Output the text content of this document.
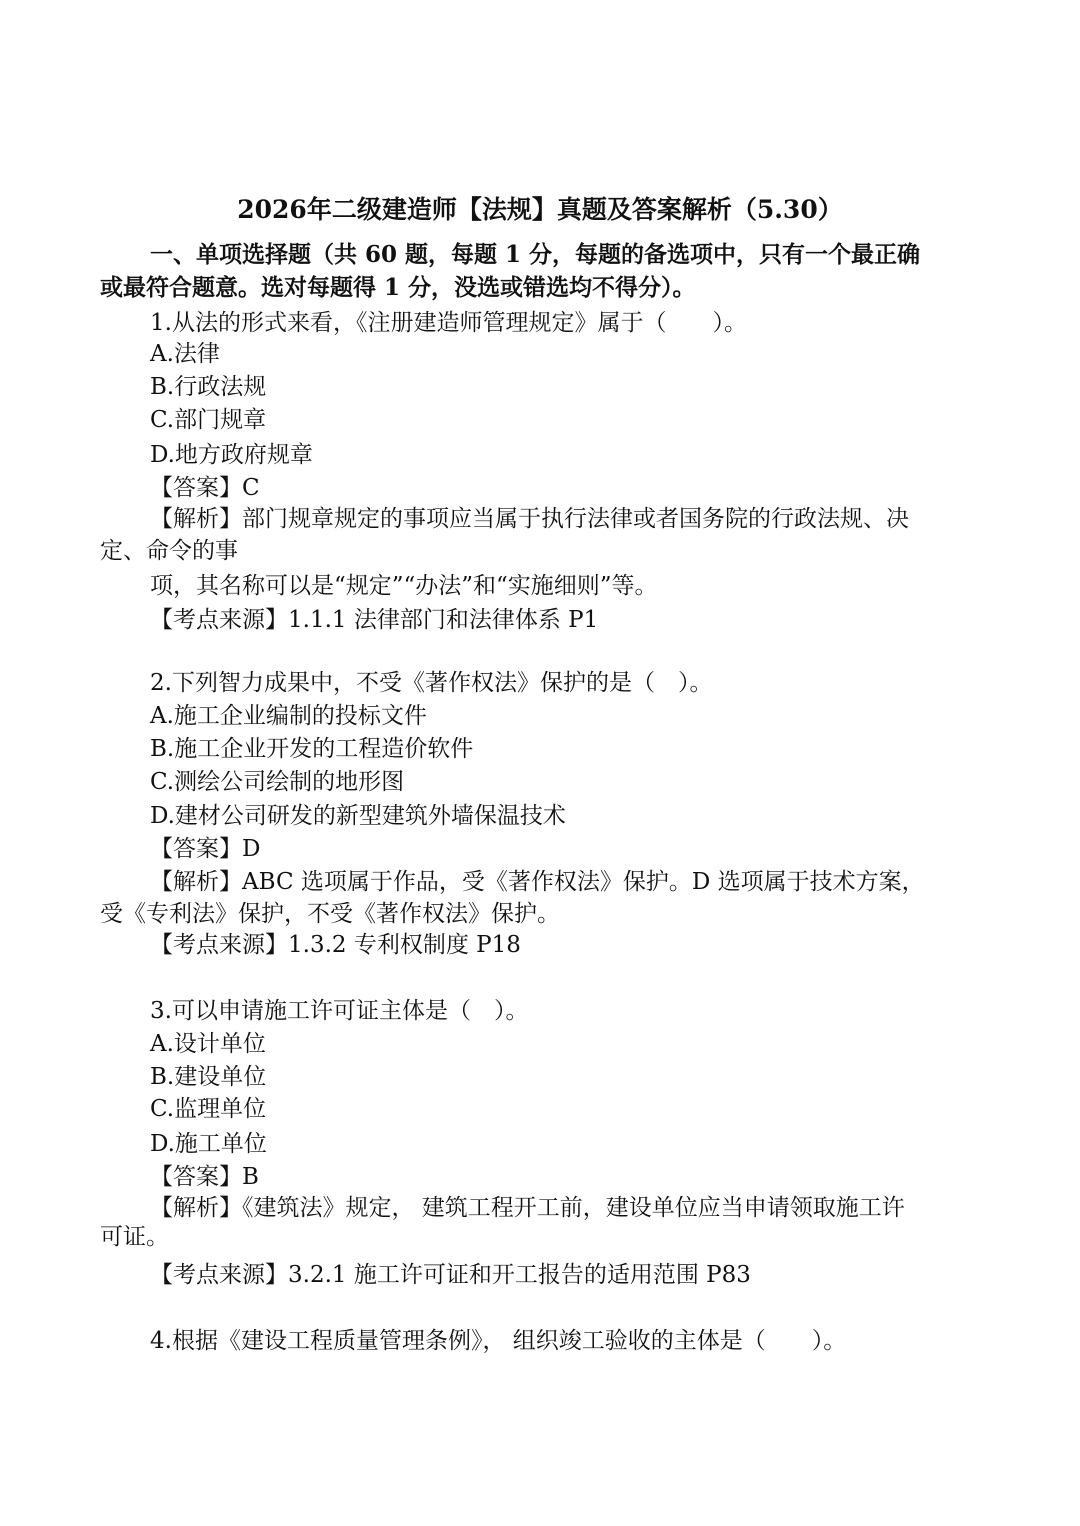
2026年二级建造师【法规】真题及答案解析（5.30）
一、单项选择题（共 60 题，每题 1 分，每题的备选项中，只有一个最正确
或最符合题意。选对每题得 1 分，没选或错选均不得分）。
1.从法的形式来看，《注册建造师管理规定》属于（　　）。
A.法律
B.行政法规
C.部门规章
D.地方政府规章
【答案】C
【解析】部门规章规定的事项应当属于执行法律或者国务院的行政法规、决
定、命令的事
项，其名称可以是“规定”“办法”和“实施细则”等。
【考点来源】1.1.1 法律部门和法律体系 P1
2.下列智力成果中，不受《著作权法》保护的是（　）。
A.施工企业编制的投标文件
B.施工企业开发的工程造价软件
C.测绘公司绘制的地形图
D.建材公司研发的新型建筑外墙保温技术
【答案】D
【解析】ABC 选项属于作品，受《著作权法》保护。D 选项属于技术方案，
受《专利法》保护，不受《著作权法》保护。
【考点来源】1.3.2 专利权制度 P18
3.可以申请施工许可证主体是（　）。
A.设计单位
B.建设单位
C.监理单位
D.施工单位
【答案】B
【解析】《建筑法》规定， 建筑工程开工前，建设单位应当申请领取施工许
可证。
【考点来源】3.2.1 施工许可证和开工报告的适用范围 P83
4.根据《建设工程质量管理条例》， 组织竣工验收的主体是（　　）。
